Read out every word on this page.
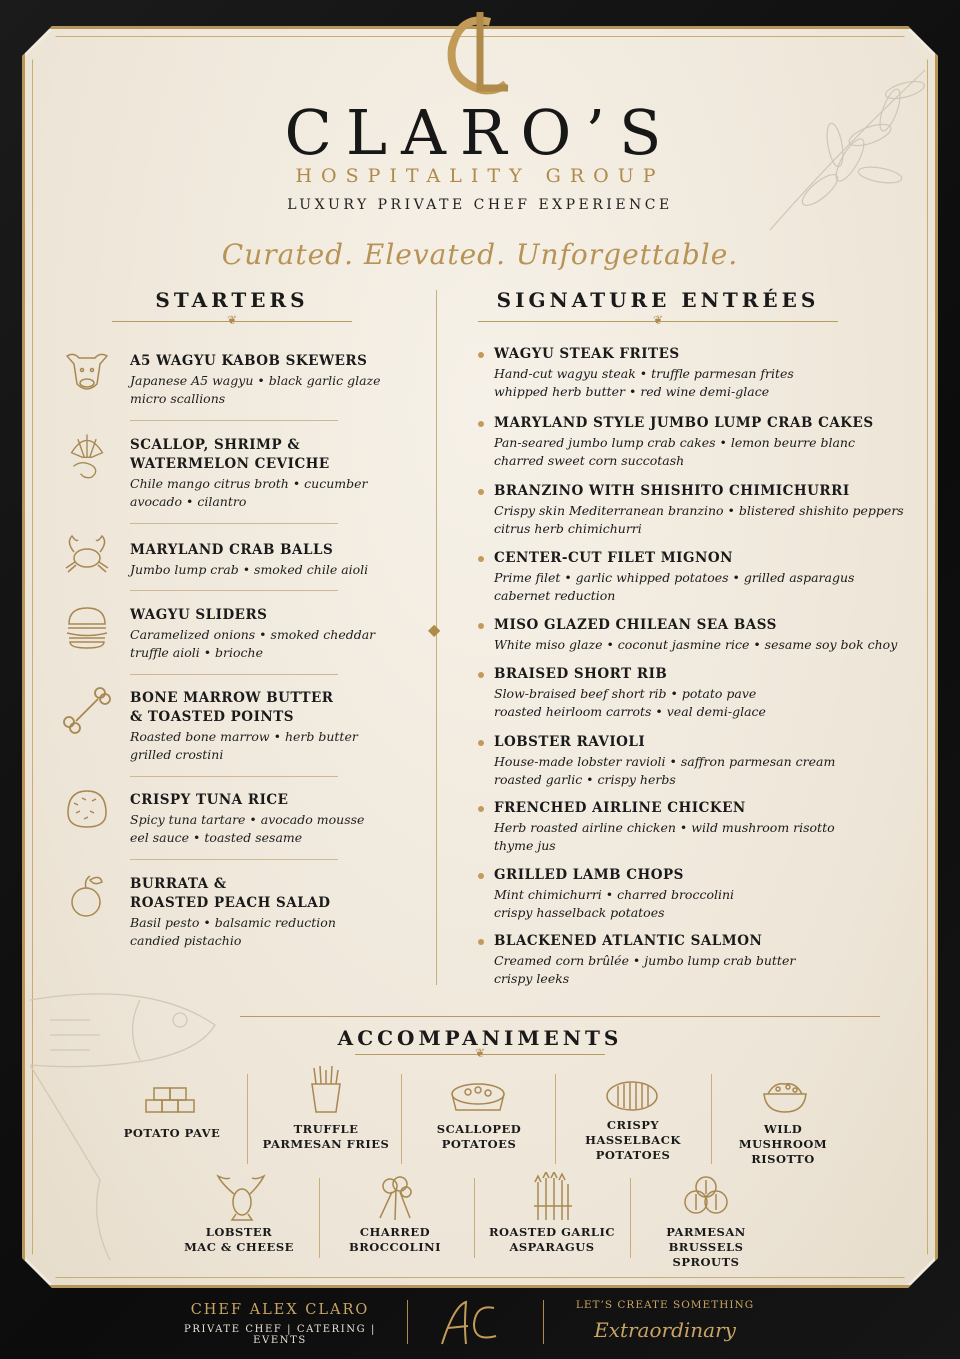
CLARO’S
HOSPITALITY GROUP
LUXURY PRIVATE CHEF EXPERIENCE
Curated. Elevated. Unforgettable.
STARTERS
❦
SIGNATURE ENTRÉES
❦
◆
A5 WAGYU KABOB SKEWERS
Japanese A5 wagyu • black garlic glaze
micro scallions
SCALLOP, SHRIMP &
WATERMELON CEVICHE
Chile mango citrus broth • cucumber
avocado • cilantro
MARYLAND CRAB BALLS
Jumbo lump crab • smoked chile aioli
WAGYU SLIDERS
Caramelized onions • smoked cheddar
truffle aioli • brioche
BONE MARROW BUTTER
& TOASTED POINTS
Roasted bone marrow • herb butter
grilled crostini
CRISPY TUNA RICE
Spicy tuna tartare • avocado mousse
eel sauce • toasted sesame
BURRATA &
ROASTED PEACH SALAD
Basil pesto • balsamic reduction
candied pistachio
WAGYU STEAK FRITES
Hand-cut wagyu steak • truffle parmesan frites
whipped herb butter • red wine demi-glace
MARYLAND STYLE JUMBO LUMP CRAB CAKES
Pan-seared jumbo lump crab cakes • lemon beurre blanc
charred sweet corn succotash
BRANZINO WITH SHISHITO CHIMICHURRI
Crispy skin Mediterranean branzino • blistered shishito peppers
citrus herb chimichurri
CENTER-CUT FILET MIGNON
Prime filet • garlic whipped potatoes • grilled asparagus
cabernet reduction
MISO GLAZED CHILEAN SEA BASS
White miso glaze • coconut jasmine rice • sesame soy bok choy
BRAISED SHORT RIB
Slow-braised beef short rib • potato pave
roasted heirloom carrots • veal demi-glace
LOBSTER RAVIOLI
House-made lobster ravioli • saffron parmesan cream
roasted garlic • crispy herbs
FRENCHED AIRLINE CHICKEN
Herb roasted airline chicken • wild mushroom risotto
thyme jus
GRILLED LAMB CHOPS
Mint chimichurri • charred broccolini
crispy hasselback potatoes
BLACKENED ATLANTIC SALMON
Creamed corn brûlée • jumbo lump crab butter
crispy leeks
ACCOMPANIMENTS
❦
POTATO PAVE	TRUFFLE
PARMESAN FRIES
SCALLOPED
POTATOES
CRISPY
HASSELBACK
POTATOES
WILD MUSHROOM
RISOTTO
LOBSTER
MAC & CHEESE
CHARRED
BROCCOLINI
ROASTED GARLIC
ASPARAGUS
PARMESAN
BRUSSELS SPROUTS
CHEF ALEX CLARO
PRIVATE CHEF | CATERING | EVENTS
LET’S CREATE SOMETHING
Extraordinary
